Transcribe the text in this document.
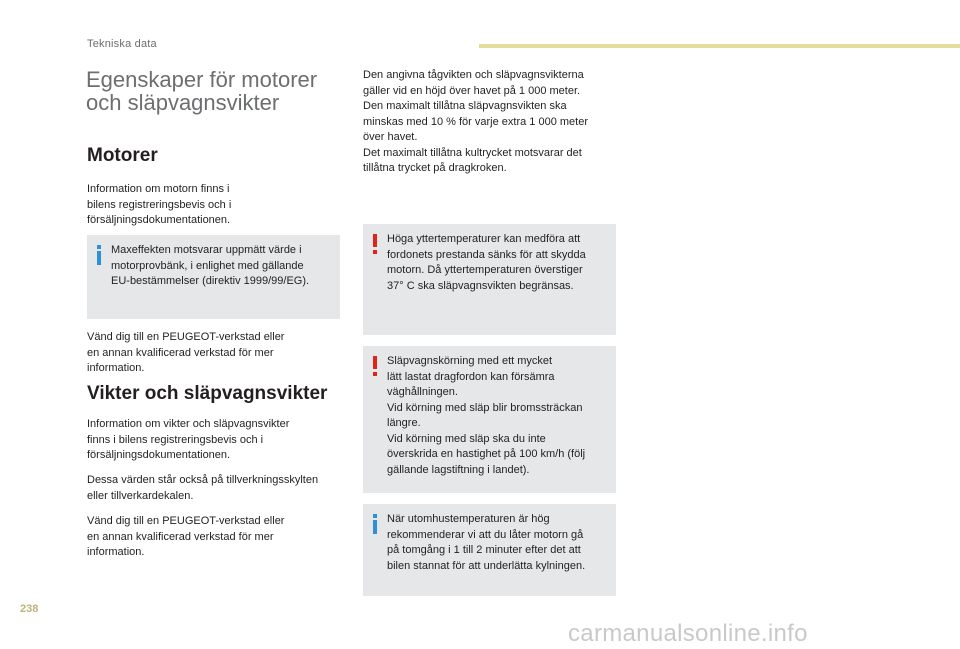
Tekniska data
Egenskaper för motorer
och släpvagnsvikter
Motorer

Information om motorn finns i
bilens registreringsbevis och i
försäljningsdokumentationen.

Maxeffekten motsvarar uppmätt värde i
motorprovbänk, i enlighet med gällande
EU-bestämmelser (direktiv 1999/99/EG).

Vänd dig till en PEUGEOT-verkstad eller
en annan kvalificerad verkstad för mer
information.

Vikter och släpvagnsvikter

Information om vikter och släpvagnsvikter
finns i bilens registreringsbevis och i
försäljningsdokumentationen.

Dessa värden står också på tillverkningsskylten
eller tillverkardekalen.

Vänd dig till en PEUGEOT-verkstad eller
en annan kvalificerad verkstad för mer
information.

Den angivna tågvikten och släpvagnsvikterna
gäller vid en höjd över havet på 1 000 meter.
Den maximalt tillåtna släpvagnsvikten ska
minskas med 10 % för varje extra 1 000 meter
över havet.
Det maximalt tillåtna kultrycket motsvarar det
tillåtna trycket på dragkroken.

Höga yttertemperaturer kan medföra att
fordonets prestanda sänks för att skydda
motorn. Då yttertemperaturen överstiger
37° C ska släpvagnsvikten begränsas.

Släpvagnskörning med ett mycket
lätt lastat dragfordon kan försämra
väghållningen.
Vid körning med släp blir bromssträckan
längre.
Vid körning med släp ska du inte
överskrida en hastighet på 100 km/h (följ
gällande lagstiftning i landet).

När utomhustemperaturen är hög
rekommenderar vi att du låter motorn gå
på tomgång i 1 till 2 minuter efter det att
bilen stannat för att underlätta kylningen.

238
carmanualsonline.info
